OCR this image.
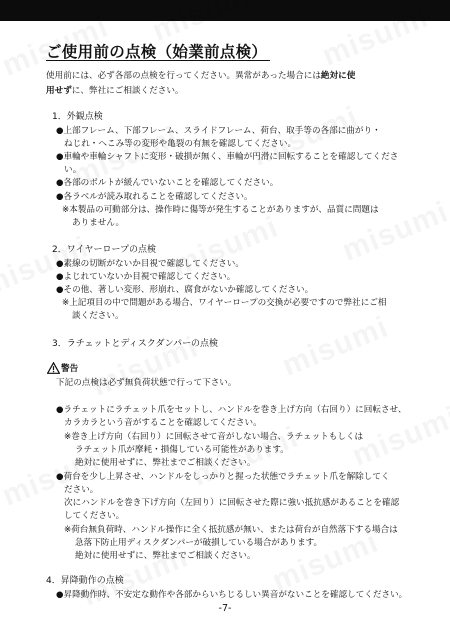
ご使用前の点検（始業前点検）
使用前には、必ず各部の点検を行ってください。異常があった場合には絶対に使
用せずに、弊社にご相談ください。
1．外観点検
●上部フレーム、下部フレーム、スライドフレーム、荷台、取手等の各部に曲がり・
ねじれ・へこみ等の変形や亀裂の有無を確認してください。
●車輪や車輪シャフトに変形・破損が無く、車輪が円滑に回転することを確認してくださ
い。
●各部のボルトが緩んでいないことを確認してください。
●各ラベルが読み取れることを確認してください。
※本製品の可動部分は、操作時に傷等が発生することがありますが、品質に問題は
ありません。
2．ワイヤーロープの点検
●素線の切断がないか目視で確認してください。
●よじれていないか目視で確認してください。
●その他、著しい変形、形崩れ、腐食がないか確認してください。
※上記項目の中で問題がある場合、ワイヤーロープの交換が必要ですので弊社にご相
談ください。
3．ラチェットとディスクダンパーの点検
警告
下記の点検は必ず無負荷状態で行って下さい。
●ラチェットにラチェット爪をセットし、ハンドルを巻き上げ方向（右回り）に回転させ、
カラカラという音がすることを確認してください。
※巻き上げ方向（右回り）に回転させて音がしない場合、ラチェットもしくは
ラチェット爪が摩耗・損傷している可能性があります。
絶対に使用せずに、弊社までご相談ください。
●荷台を少し上昇させ、ハンドルをしっかりと握った状態でラチェット爪を解除してく
ださい。
次にハンドルを巻き下げ方向（左回り）に回転させた際に強い抵抗感があることを確認
してください。
※荷台無負荷時、ハンドル操作に全く抵抗感が無い、または荷台が自然落下する場合は
急落下防止用ディスクダンパーが破損している場合があります。
絶対に使用せずに、弊社までご相談ください。
4．昇降動作の点検
●昇降動作時、不安定な動作や各部からいちじるしい異音がないことを確認してください。
-7-
